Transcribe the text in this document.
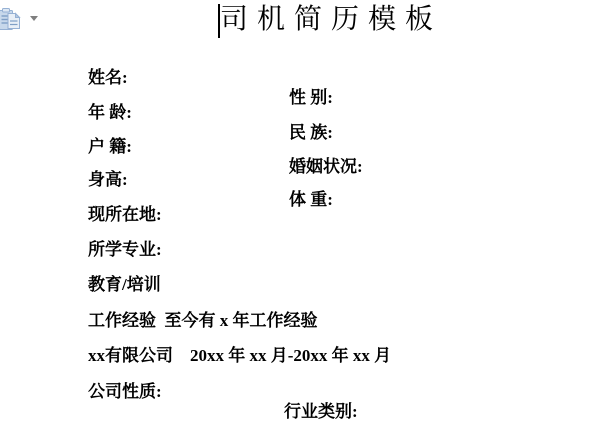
司机简历模板

姓名:

性 别:

年 龄:

民 族:

户 籍:

婚姻状况:

身高:

体 重:

现所在地:

所学专业:

教育/培训

工作经验  至今有 x 年工作经验

xx有限公司    20xx 年 xx 月-20xx 年 xx 月

公司性质:

行业类别:
